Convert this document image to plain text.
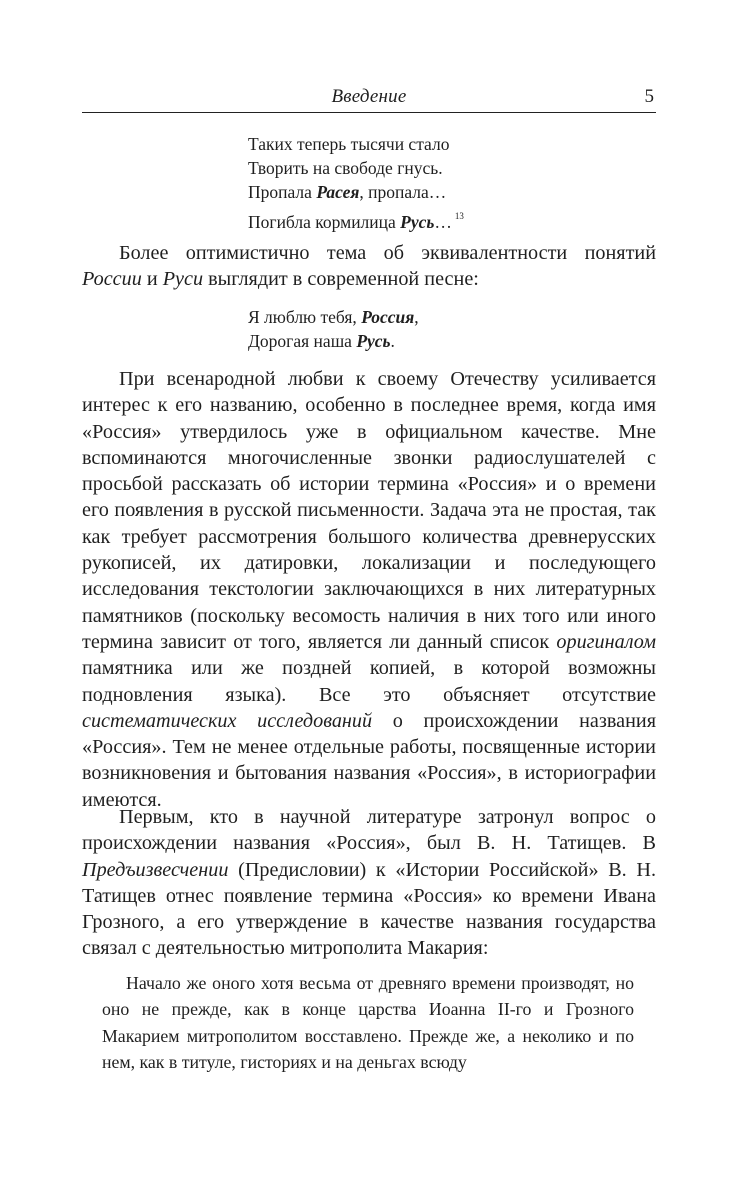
Введение	5
Таких теперь тысячи стало
Творить на свободе гнусь.
Пропала Расея, пропала…
Погибла кормилица Русь… $^{13}$

Более оптимистично тема об эквивалентности понятий России и Руси выглядит в современной песне:

Я люблю тебя, Россия,
Дорогая наша Русь.

При всенародной любви к своему Отечеству усиливается интерес к его названию, особенно в последнее время, когда имя «Россия» утвердилось уже в официальном качестве. Мне вспоминаются многочисленные звонки радиослушателей с просьбой рассказать об истории термина «Россия» и о времени его появления в русской письменности. Задача эта не простая, так как требует рассмотрения большого количества древнерусских рукописей, их датировки, локализации и последующего исследования текстологии заключающихся в них литературных памятников (поскольку весомость наличия в них того или иного термина зависит от того, является ли данный список оригиналом памятника или же поздней копией, в которой возможны подновления языка). Все это объясняет отсутствие систематических исследований о происхождении названия «Россия». Тем не менее отдельные работы, посвященные истории возникновения и бытования названия «Россия», в историографии имеются.

Первым, кто в научной литературе затронул вопрос о происхождении названия «Россия», был В. Н. Татищев. В Предъизвесчении (Предисловии) к «Истории Российской» В. Н. Татищев отнес появление термина «Россия» ко времени Ивана Грозного, а его утверждение в качестве названия государства связал с деятельностью митрополита Макария:

Начало же оного хотя весьма от древняго времени производят, но оно не прежде, как в конце царства Иоанна II-го и Грозного Макарием митрополитом восставлено. Прежде же, а неколико и по нем, как в титуле, гисториях и на деньгах всюду
